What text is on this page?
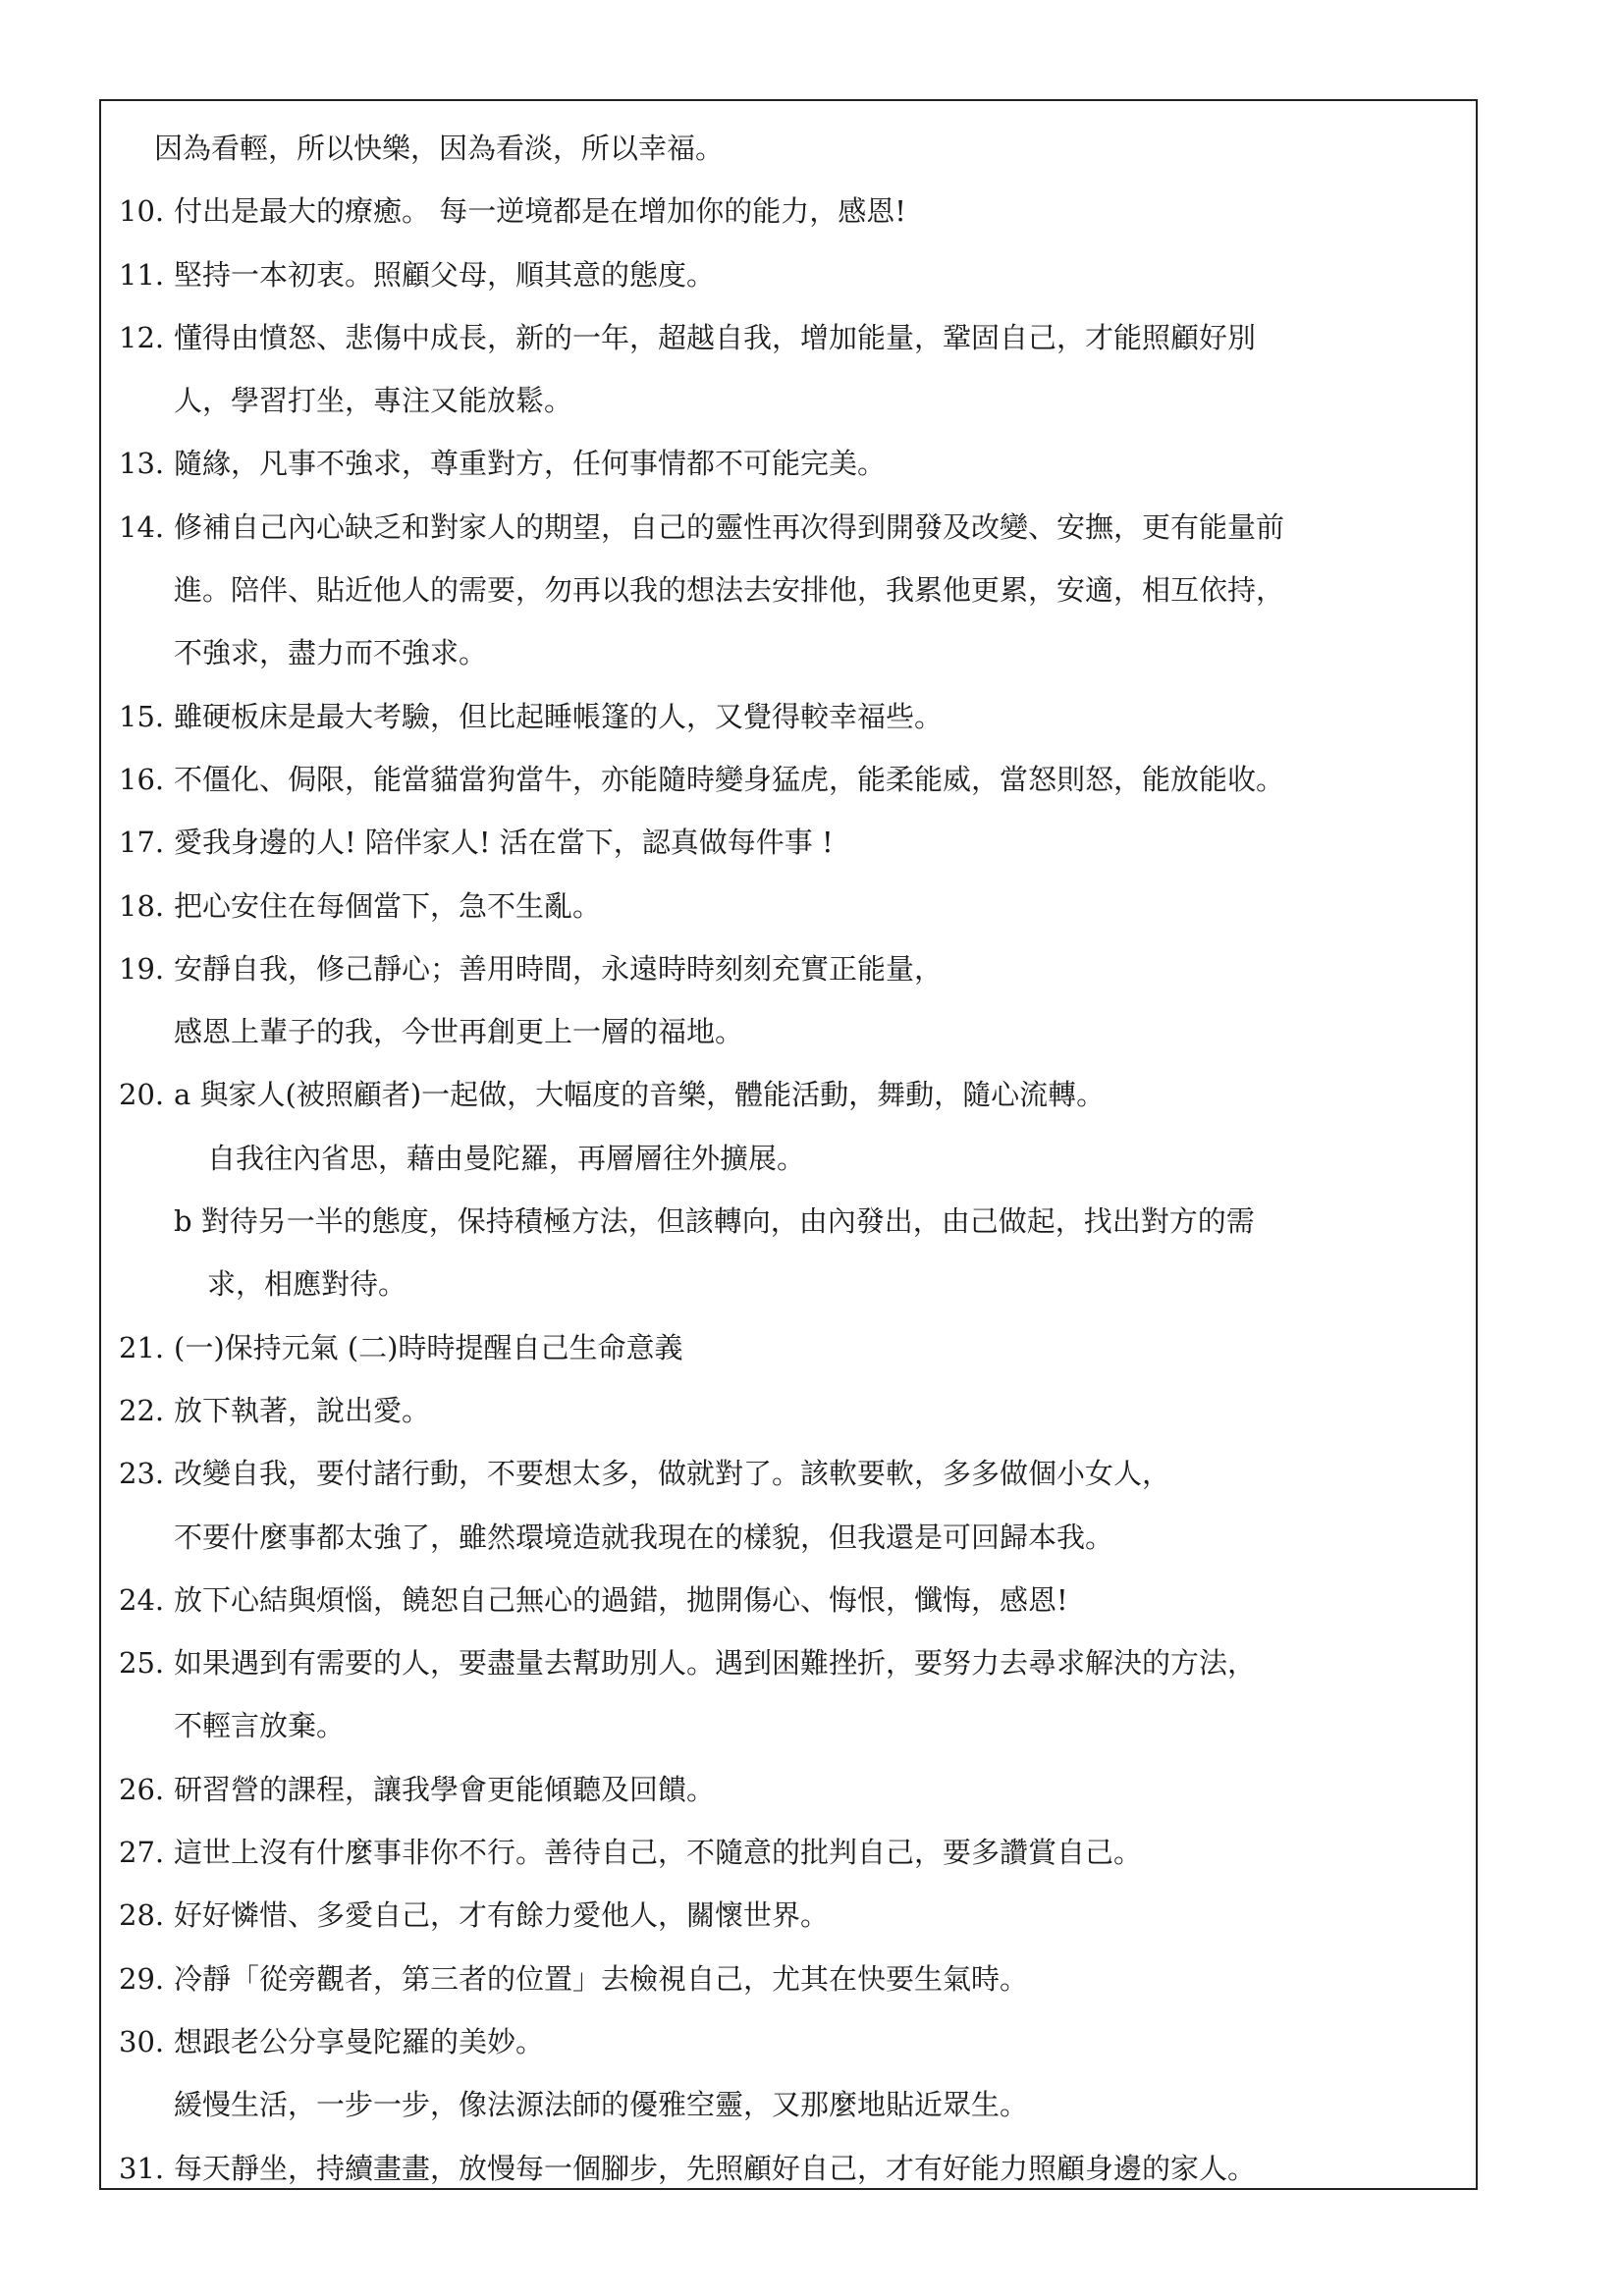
因為看輕，所以快樂，因為看淡，所以幸福。
10. 付出是最大的療癒。 每一逆境都是在增加你的能力，感恩!
11. 堅持一本初衷。照顧父母，順其意的態度。
12. 懂得由憤怒、悲傷中成長，新的一年，超越自我，增加能量，鞏固自己，才能照顧好別
人，學習打坐，專注又能放鬆。
13. 隨緣，凡事不強求，尊重對方，任何事情都不可能完美。
14. 修補自己內心缺乏和對家人的期望，自己的靈性再次得到開發及改變、安撫，更有能量前
進。陪伴、貼近他人的需要，勿再以我的想法去安排他，我累他更累，安適，相互依持，
不強求，盡力而不強求。
15. 雖硬板床是最大考驗，但比起睡帳篷的人，又覺得較幸福些。
16. 不僵化、侷限，能當貓當狗當牛，亦能隨時變身猛虎，能柔能威，當怒則怒，能放能收。
17. 愛我身邊的人! 陪伴家人! 活在當下，認真做每件事 !
18. 把心安住在每個當下，急不生亂。
19. 安靜自我，修己靜心；善用時間，永遠時時刻刻充實正能量，
感恩上輩子的我，今世再創更上一層的福地。
20. a 與家人(被照顧者)一起做，大幅度的音樂，體能活動，舞動，隨心流轉。
自我往內省思，藉由曼陀羅，再層層往外擴展。
b 對待另一半的態度，保持積極方法，但該轉向，由內發出，由己做起，找出對方的需
求，相應對待。
21. (一)保持元氣 (二)時時提醒自己生命意義
22. 放下執著，說出愛。
23. 改變自我，要付諸行動，不要想太多，做就對了。該軟要軟，多多做個小女人，
不要什麼事都太強了，雖然環境造就我現在的樣貌，但我還是可回歸本我。
24. 放下心結與煩惱，饒恕自己無心的過錯，拋開傷心、悔恨，懺悔，感恩!
25. 如果遇到有需要的人，要盡量去幫助別人。遇到困難挫折，要努力去尋求解決的方法，
不輕言放棄。
26. 研習營的課程，讓我學會更能傾聽及回饋。
27. 這世上沒有什麼事非你不行。善待自己，不隨意的批判自己，要多讚賞自己。
28. 好好憐惜、多愛自己，才有餘力愛他人，關懷世界。
29. 冷靜「從旁觀者，第三者的位置」去檢視自己，尤其在快要生氣時。
30. 想跟老公分享曼陀羅的美妙。
緩慢生活，一步一步，像法源法師的優雅空靈，又那麼地貼近眾生。
31. 每天靜坐，持續畫畫，放慢每一個腳步，先照顧好自己，才有好能力照顧身邊的家人。
